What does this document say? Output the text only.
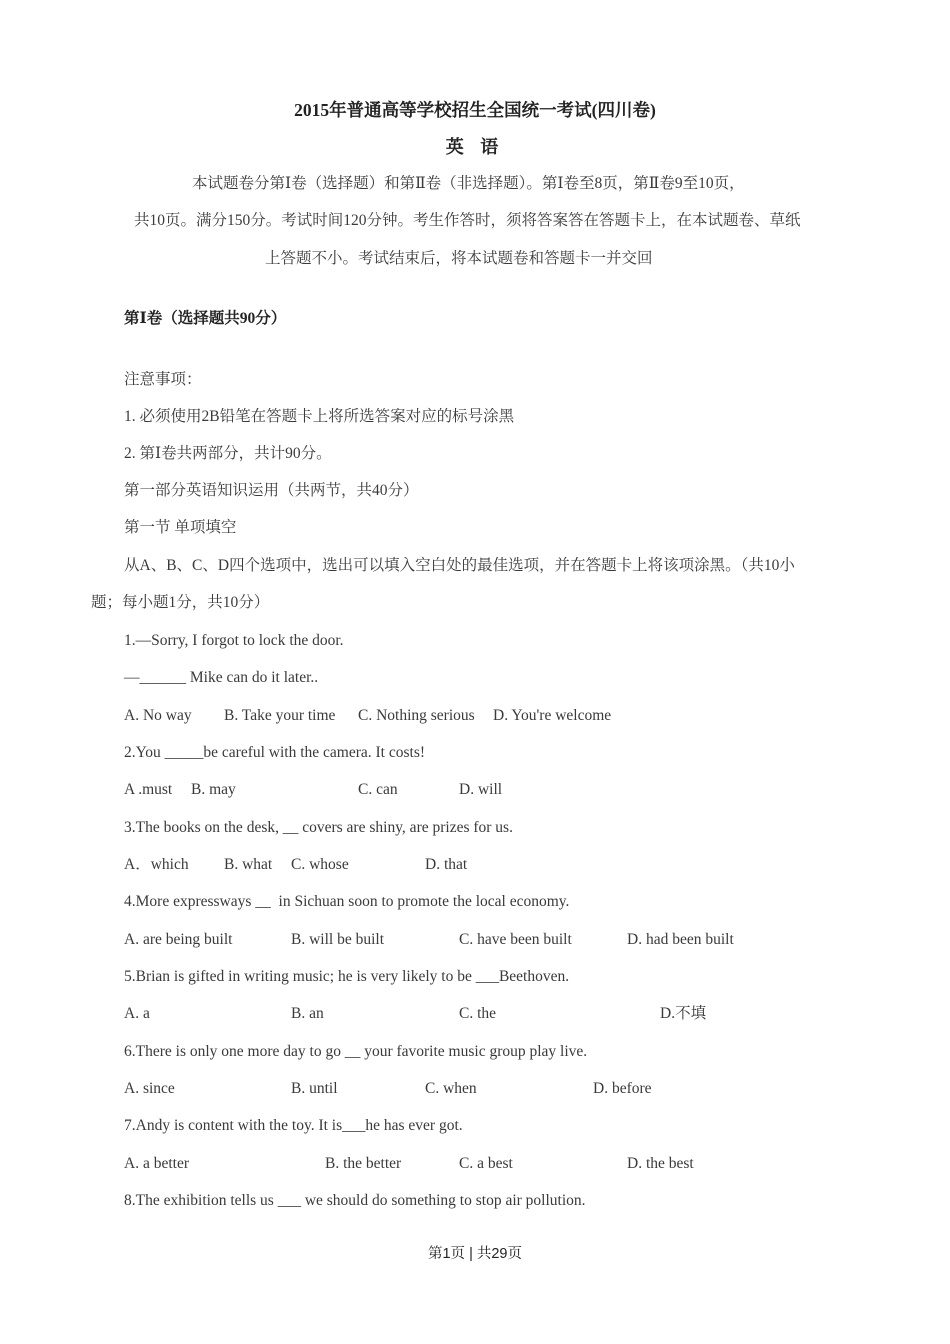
2015年普通高等学校招生全国统一考试(四川卷)
英 语
本试题卷分第Ⅰ卷（选择题）和第Ⅱ卷（非选择题）。第Ⅰ卷至8页，第Ⅱ卷9至10页，
共10页。满分150分。考试时间120分钟。考生作答时，须将答案答在答题卡上，在本试题卷、草纸
上答题不小。考试结束后，将本试题卷和答题卡一并交回
第Ⅰ卷（选择题共90分）
注意事项：
1. 必须使用2B铅笔在答题卡上将所选答案对应的标号涂黑
2. 第Ⅰ卷共两部分，共计90分。
第一部分英语知识运用（共两节，共40分）
第一节 单项填空
从A、B、C、D四个选项中，选出可以填入空白处的最佳选项，并在答题卡上将该项涂黑。（共10小
题；每小题1分，共10分）
1.—Sorry, I forgot to lock the door.
—______ Mike can do it later..
A. No way B. Take your time C. Nothing serious D. You're welcome
2.You _____be careful with the camera. It costs!
A .must B. may	C. can	D. will
3.The books on the desk, __ covers are shiny, are prizes for us.
A．which B. what C. whose	D. that
4.More expressways __  in Sichuan soon to promote the local economy.
A. are being built	B. will be built	C. have been built	D. had been built
5.Brian is gifted in writing music; he is very likely to be ___Beethoven.
A. a	B. an	C. the	D.不填
6.There is only one more day to go __ your favorite music group play live.
A. since	B. until	C. when	D. before
7.Andy is content with the toy. It is___he has ever got.
A. a better	B. the better	C. a best	D. the best
8.The exhibition tells us ___ we should do something to stop air pollution.
第1页 | 共29页
